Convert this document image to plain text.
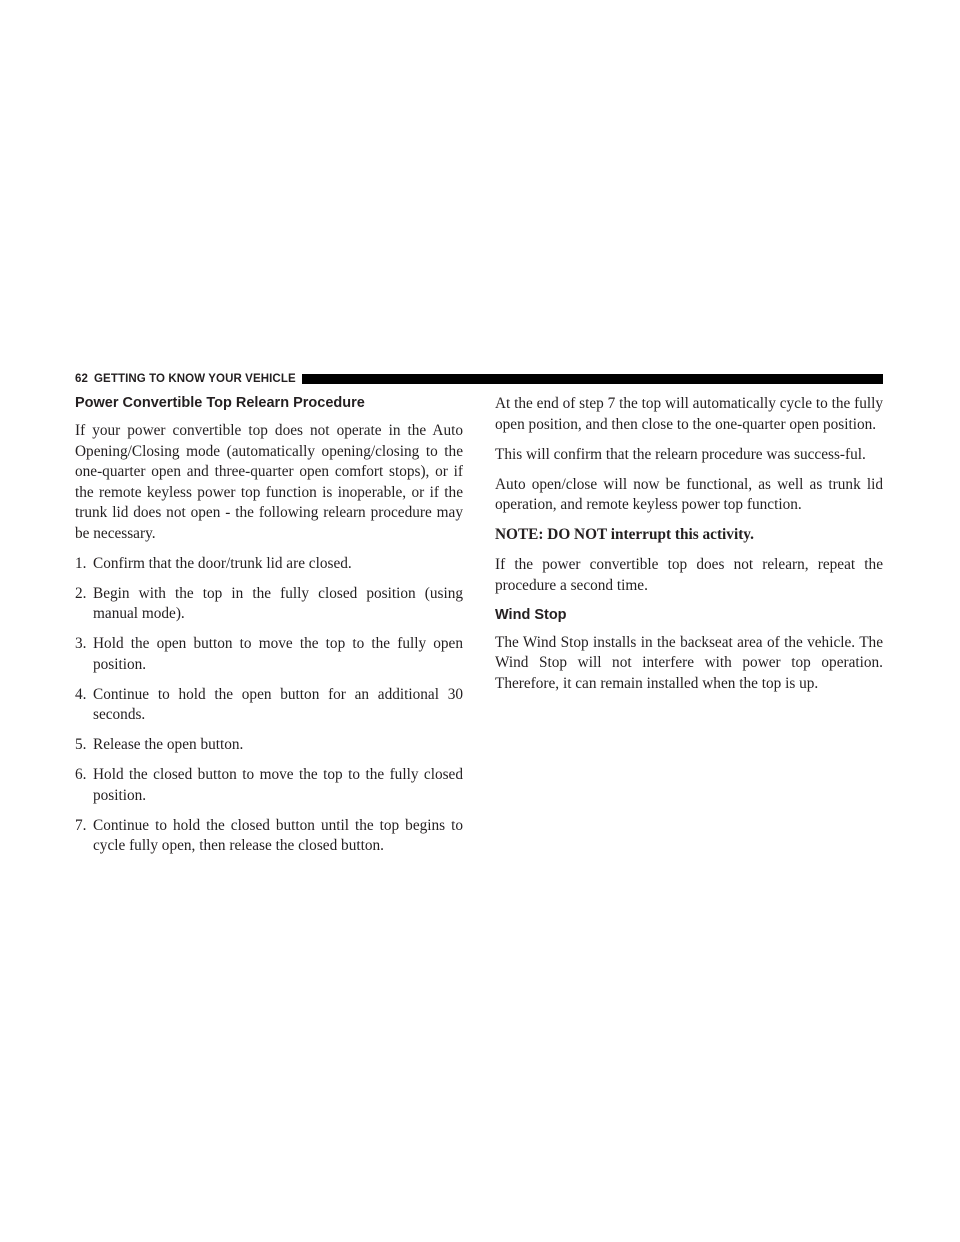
62 GETTING TO KNOW YOUR VEHICLE
Power Convertible Top Relearn Procedure

If your power convertible top does not operate in the Auto Opening/Closing mode (automatically opening/closing to the one-quarter open and three-quarter open comfort stops), or if the remote keyless power top function is inoperable, or if the trunk lid does not open - the following relearn procedure may be necessary.

1. Confirm that the door/trunk lid are closed.
2. Begin with the top in the fully closed position (using manual mode).
3. Hold the open button to move the top to the fully open position.
4. Continue to hold the open button for an additional 30 seconds.
5. Release the open button.
6. Hold the closed button to move the top to the fully closed position.
7. Continue to hold the closed button until the top begins to cycle fully open, then release the closed button.

At the end of step 7 the top will automatically cycle to the fully open position, and then close to the one-quarter open position.

This will confirm that the relearn procedure was success-ful.

Auto open/close will now be functional, as well as trunk lid operation, and remote keyless power top function.

NOTE: DO NOT interrupt this activity.

If the power convertible top does not relearn, repeat the procedure a second time.

Wind Stop

The Wind Stop installs in the backseat area of the vehicle. The Wind Stop will not interfere with power top operation. Therefore, it can remain installed when the top is up.
